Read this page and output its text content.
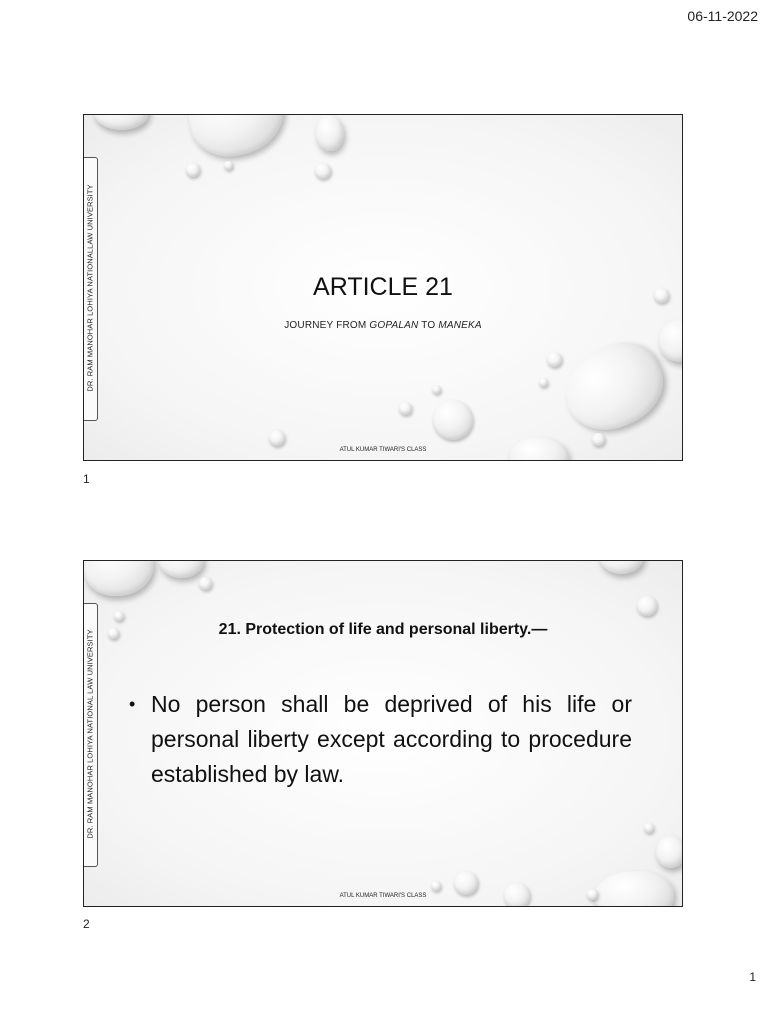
06-11-2022
DR. RAM MANOHAR LOHIYA NATIONALLAW UNIVERSITY	ARTICLE 21
JOURNEY FROM GOPALAN TO MANEKA
ATUL KUMAR TIWARI'S CLASS
1
DR. RAM MANOHAR LOHIYA NATIONAL LAW UNIVERSITY	21. Protection of life and personal liberty.—
• No person shall be deprived of his life or personal liberty except according to procedure established by law.
ATUL KUMAR TIWARI'S CLASS
2
1
